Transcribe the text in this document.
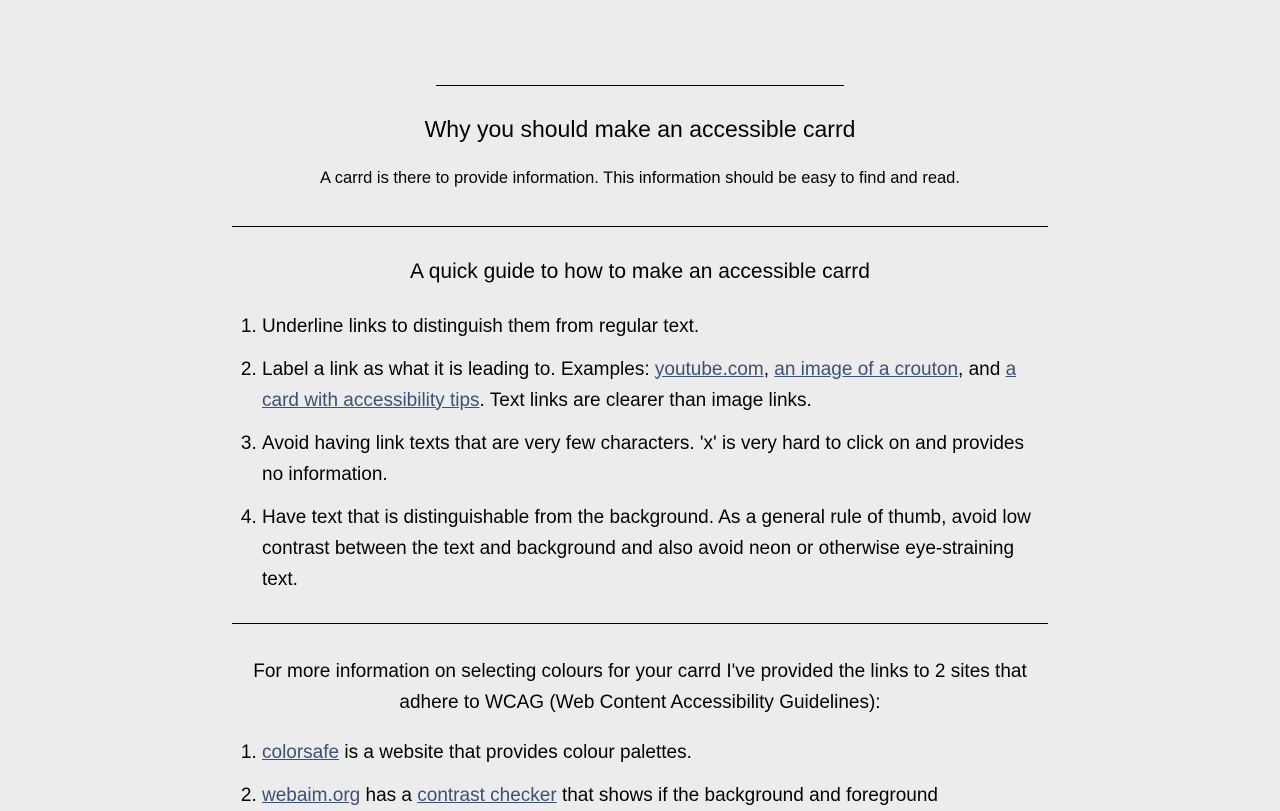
Why you should make an accessible carrd

A carrd is there to provide information. This information should be easy to find and read.

A quick guide to how to make an accessible carrd
1. Underline links to distinguish them from regular text.
2. Label a link as what it is leading to. Examples: youtube.com, an image of a crouton, and a card with accessibility tips. Text links are clearer than image links.
3. Avoid having link texts that are very few characters. 'x' is very hard to click on and provides no information.
4. Have text that is distinguishable from the background. As a general rule of thumb, avoid low contrast between the text and background and also avoid neon or otherwise eye-straining text.

For more information on selecting colours for your carrd I've provided the links to 2 sites that adhere to WCAG (Web Content Accessibility Guidelines):

1. colorsafe is a website that provides colour palettes.
2. webaim.org has a contrast checker that shows if the background and foreground
